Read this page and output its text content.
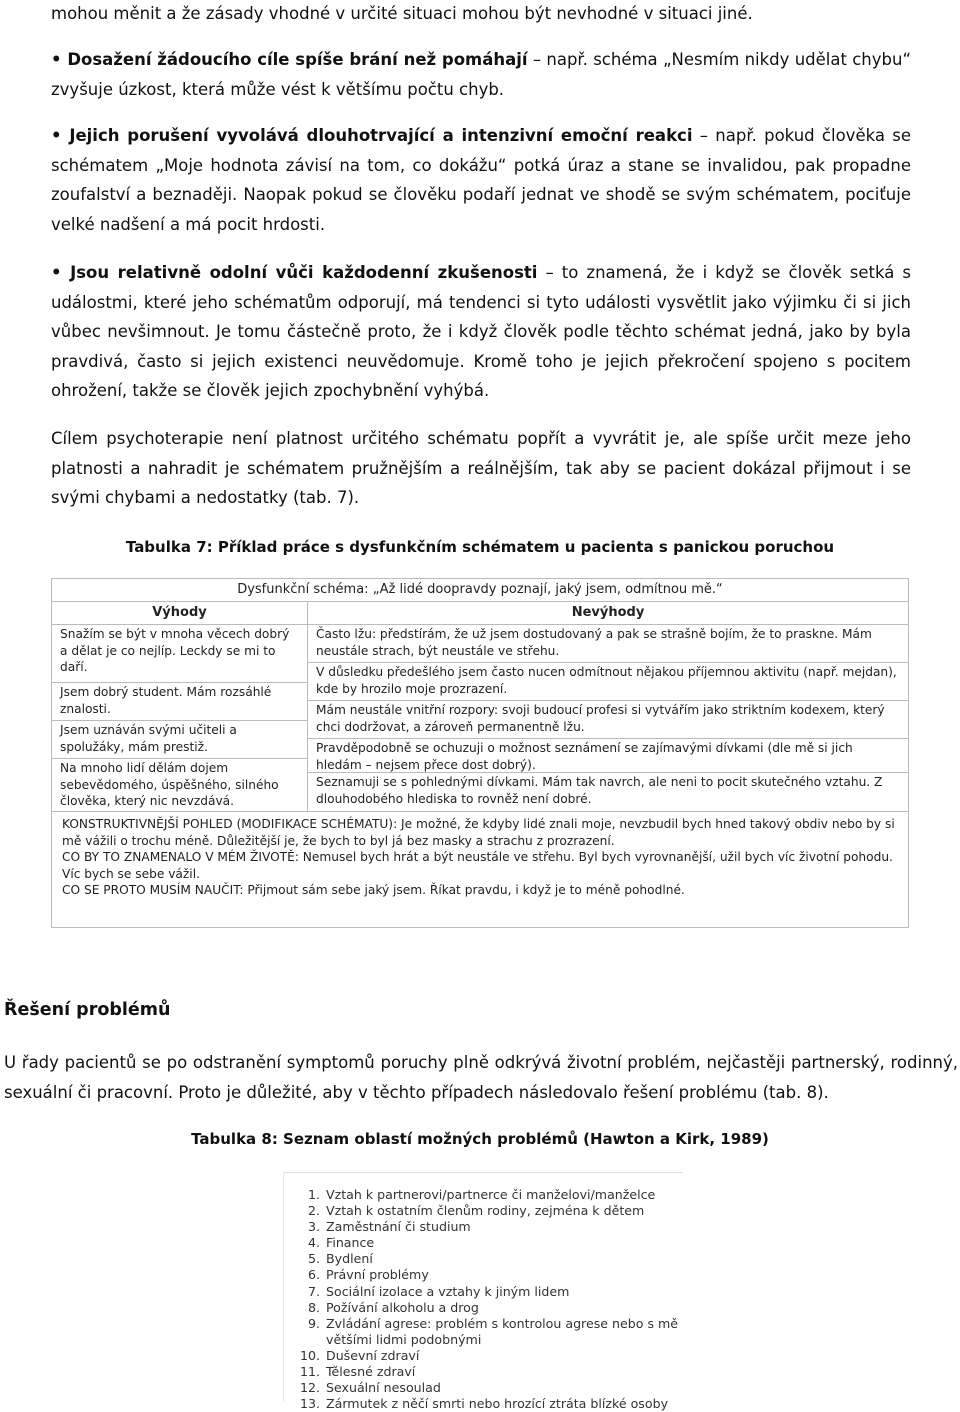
mohou měnit a že zásady vhodné v určité situaci mohou být nevhodné v situaci jiné.

• Dosažení žádoucího cíle spíše brání než pomáhají – např. schéma „Nesmím nikdy udělat chybu“ zvyšuje úzkost, která může vést k většímu počtu chyb.

• Jejich porušení vyvolává dlouhotrvající a intenzivní emoční reakci – např. pokud člověka se schématem „Moje hodnota závisí na tom, co dokážu“ potká úraz a stane se invalidou, pak propadne zoufalství a beznaději. Naopak pokud se člověku podaří jednat ve shodě se svým schématem, pociťuje velké nadšení a má pocit hrdosti.

• Jsou relativně odolní vůči každodenní zkušenosti – to znamená, že i když se člověk setká s událostmi, které jeho schématům odporují, má tendenci si tyto události vysvětlit jako výjimku či si jich vůbec nevšimnout. Je tomu částečně proto, že i když člověk podle těchto schémat jedná, jako by byla pravdivá, často si jejich existenci neuvědomuje. Kromě toho je jejich překročení spojeno s pocitem ohrožení, takže se člověk jejich zpochybnění vyhýbá.

Cílem psychoterapie není platnost určitého schématu popřít a vyvrátit je, ale spíše určit meze jeho platnosti a nahradit je schématem pružnějším a reálnějším, tak aby se pacient dokázal přijmout i se svými chybami a nedostatky (tab. 7).

Tabulka 7: Příklad práce s dysfunkčním schématem u pacienta s panickou poruchou

Dysfunkční schéma: „Až lidé doopravdy poznají, jaký jsem, odmítnou mě.“
Výhody	Nevýhody
Snažím se být v mnoha věcech dobrý a dělat je co nejlíp. Leckdy se mi to daří.
Jsem dobrý student. Mám rozsáhlé znalosti.
Jsem uznáván svými učiteli a spolužáky, mám prestiž.
Na mnoho lidí dělám dojem sebevědomého, úspěšného, silného člověka, který nic nevzdává.
Často lžu: předstírám, že už jsem dostudovaný a pak se strašně bojím, že to praskne. Mám neustále strach, být neustále ve střehu.
V důsledku předešlého jsem často nucen odmítnout nějakou příjemnou aktivitu (např. mejdan), kde by hrozilo moje prozrazení.
Mám neustále vnitřní rozpory: svoji budoucí profesi si vytvářím jako striktním kodexem, který chci dodržovat, a zároveň permanentně lžu.
Pravděpodobně se ochuzuji o možnost seznámení se zajímavými dívkami (dle mě si jich hledám – nejsem přece dost dobrý).
Seznamuji se s pohlednými dívkami. Mám tak navrch, ale neni to pocit skutečného vztahu. Z dlouhodobého hlediska to rovněž není dobré.
KONSTRUKTIVNĚJŠÍ POHLED (MODIFIKACE SCHÉMATU): Je možné, že kdyby lidé znali moje, nevzbudil bych hned takový obdiv nebo by si mě vážili o trochu méně. Důležitější je, že bych to byl já bez masky a strachu z prozrazení.
CO BY TO ZNAMENALO V MÉM ŽIVOTĚ: Nemusel bych hrát a být neustále ve střehu. Byl bych vyrovnanější, užil bych víc životní pohodu. Víc bych se sebe vážil.
CO SE PROTO MUSÍM NAUČIT: Přijmout sám sebe jaký jsem. Říkat pravdu, i když je to méně pohodlné.

Řešení problémů

U řady pacientů se po odstranění symptomů poruchy plně odkrývá životní problém, nejčastěji partnerský, rodinný, sexuální či pracovní. Proto je důležité, aby v těchto případech následovalo řešení problému (tab. 8).

Tabulka 8: Seznam oblastí možných problémů (Hawton a Kirk, 1989)

1. Vztah k partnerovi/partnerce či manželovi/manželce
2. Vztah k ostatním členům rodiny, zejména k dětem
3. Zaměstnání či studium
4. Finance
5. Bydlení
6. Právní problémy
7. Sociální izolace a vztahy k jiným lidem
8. Požívání alkoholu a drog
9. Zvládání agrese: problém s kontrolou agrese nebo s mě většími lidmi podobnými
10. Duševní zdraví
11. Tělesné zdraví
12. Sexuální nesoulad
13. Zármutek z něčí smrti nebo hrozící ztráta blízké osoby
